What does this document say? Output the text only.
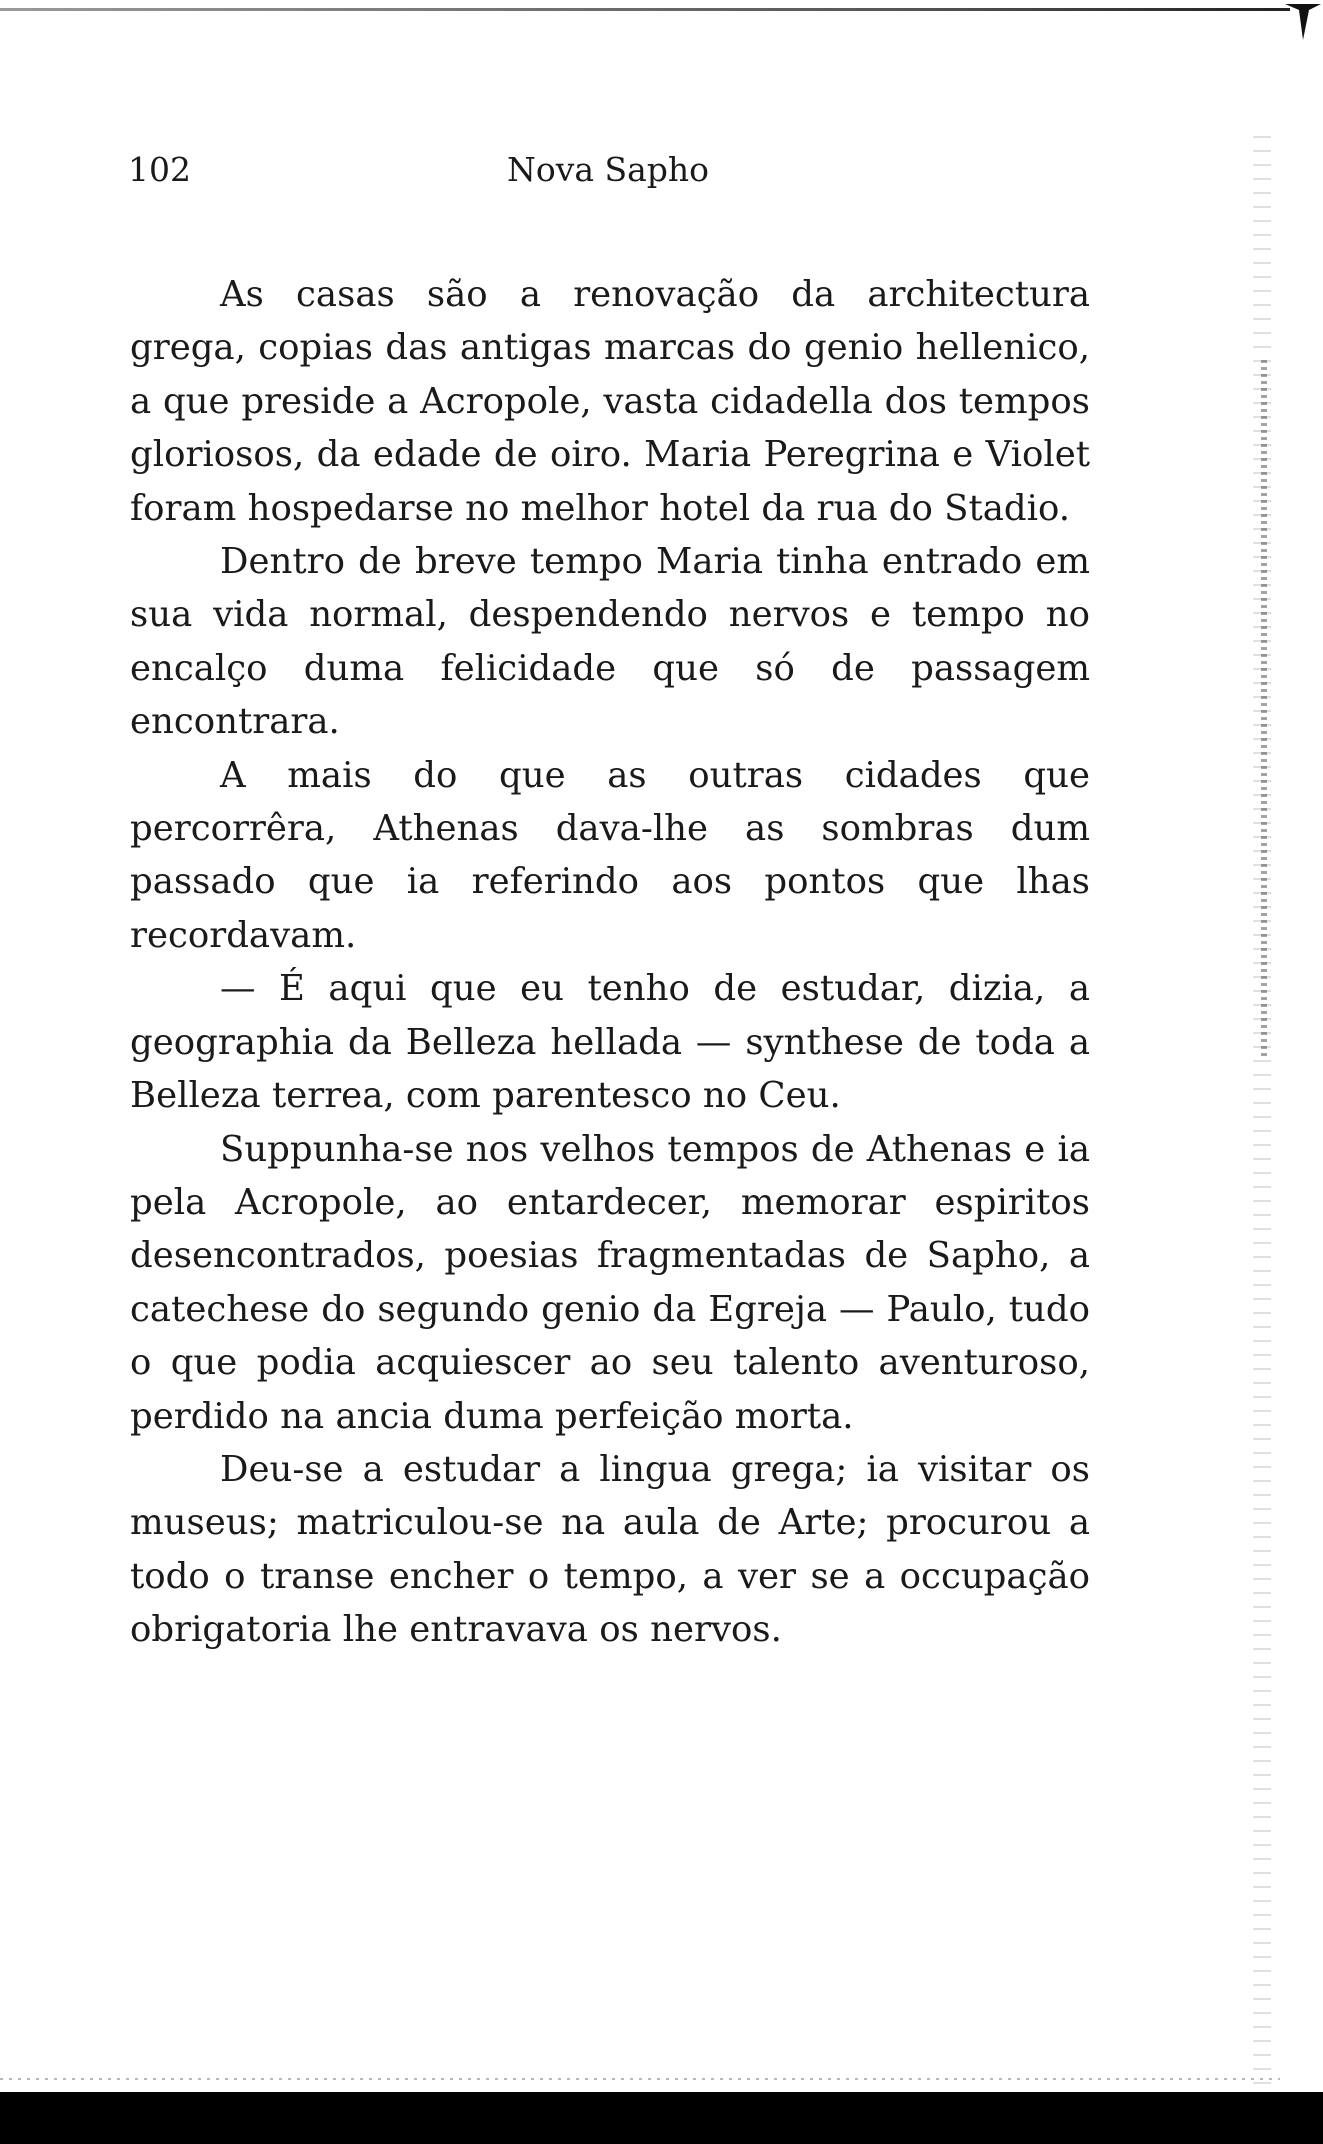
102	Nova Sapho

As casas são a renovação da architectura grega, copias das antigas marcas do genio hellenico, a que preside a Acropole, vasta cidadella dos tempos gloriosos, da edade de oiro. Maria Peregrina e Violet foram hospedarse no melhor hotel da rua do Stadio.

Dentro de breve tempo Maria tinha entrado em sua vida normal, despendendo nervos e tempo no encalço duma felicidade que só de passagem encontrara.

A mais do que as outras cidades que percorrêra, Athenas dava-lhe as sombras dum passado que ia referindo aos pontos que lhas recordavam.

— É aqui que eu tenho de estudar, dizia, a geographia da Belleza hellada — synthese de toda a Belleza terrea, com parentesco no Ceu.

Suppunha-se nos velhos tempos de Athenas e ia pela Acropole, ao entardecer, memorar espiritos desencontrados, poesias fragmentadas de Sapho, a catechese do segundo genio da Egreja — Paulo, tudo o que podia acquiescer ao seu talento aventuroso, perdido na ancia duma perfeição morta.

Deu-se a estudar a lingua grega; ia visitar os museus; matriculou-se na aula de Arte; procurou a todo o transe encher o tempo, a ver se a occupação obrigatoria lhe entravava os nervos.
